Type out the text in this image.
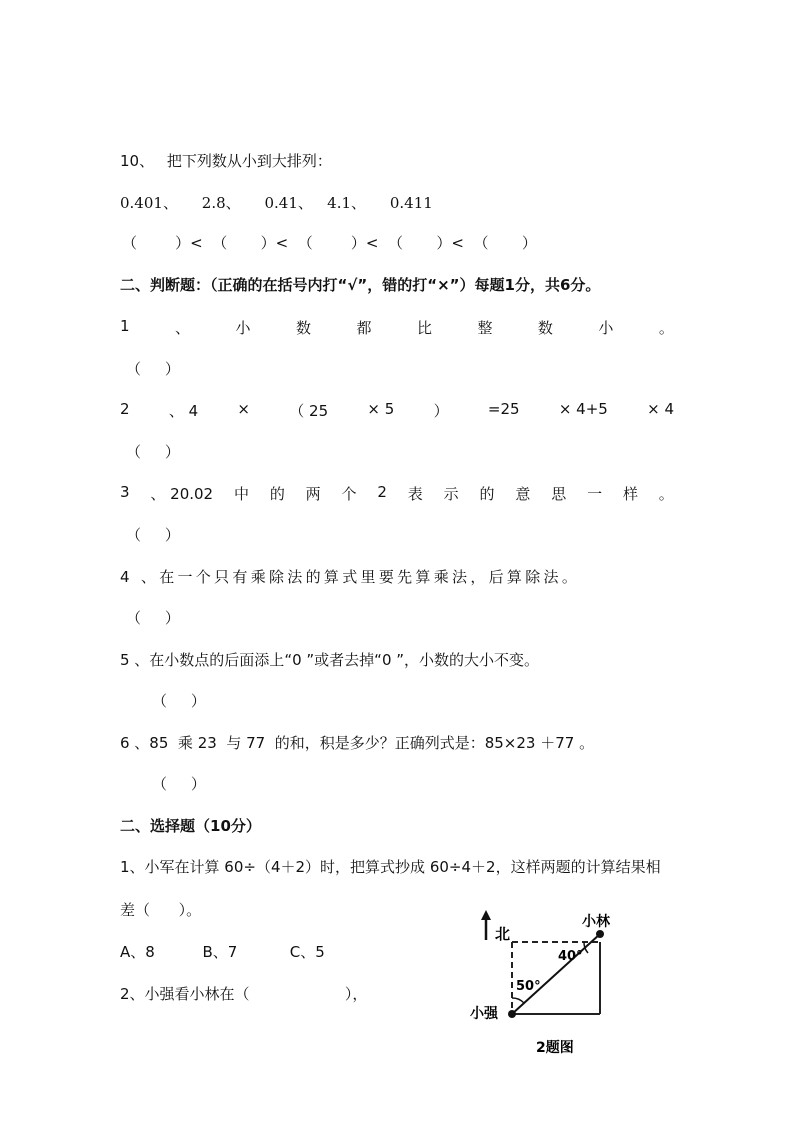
10、 把下列数从小到大排列：
0.401、     2.8、     0.41、   4.1、     0.411
（        ）<  （       ）<  （        ）<  （       ）<  （       ）
二、判断题：（正确的在括号内打“√”，错的打“×”）每题1分，共6分。
1	、	小	数	都	比	整	数	小	。
（     ）
2	、 4	×	（ 25	× 5	）	=25	× 4+5	× 4
（     ）
3 、 20.02 中 的 两 个 2 表 示 的 意 思 一 样 。
（     ）
4 、在一个只有乘除法的算式里要先算乘法，后算除法。
（     ）
5 、在小数点的后面添上“0 ”或者去掉“0 ”，小数的大小不变。
（     ）
6 、85  乘 23  与 77  的和，积是多少？正确列式是：85×23 ＋77 。
（     ）
二、选择题（10分）
1、小军在计算 60÷（4＋2）时，把算式抄成 60÷4＋2，这样两题的计算结果相
差（      ）。
A、8          B、7           C、5
2、小强看小林在（                    ），
北
小林
小强
40°
50°
2题图
